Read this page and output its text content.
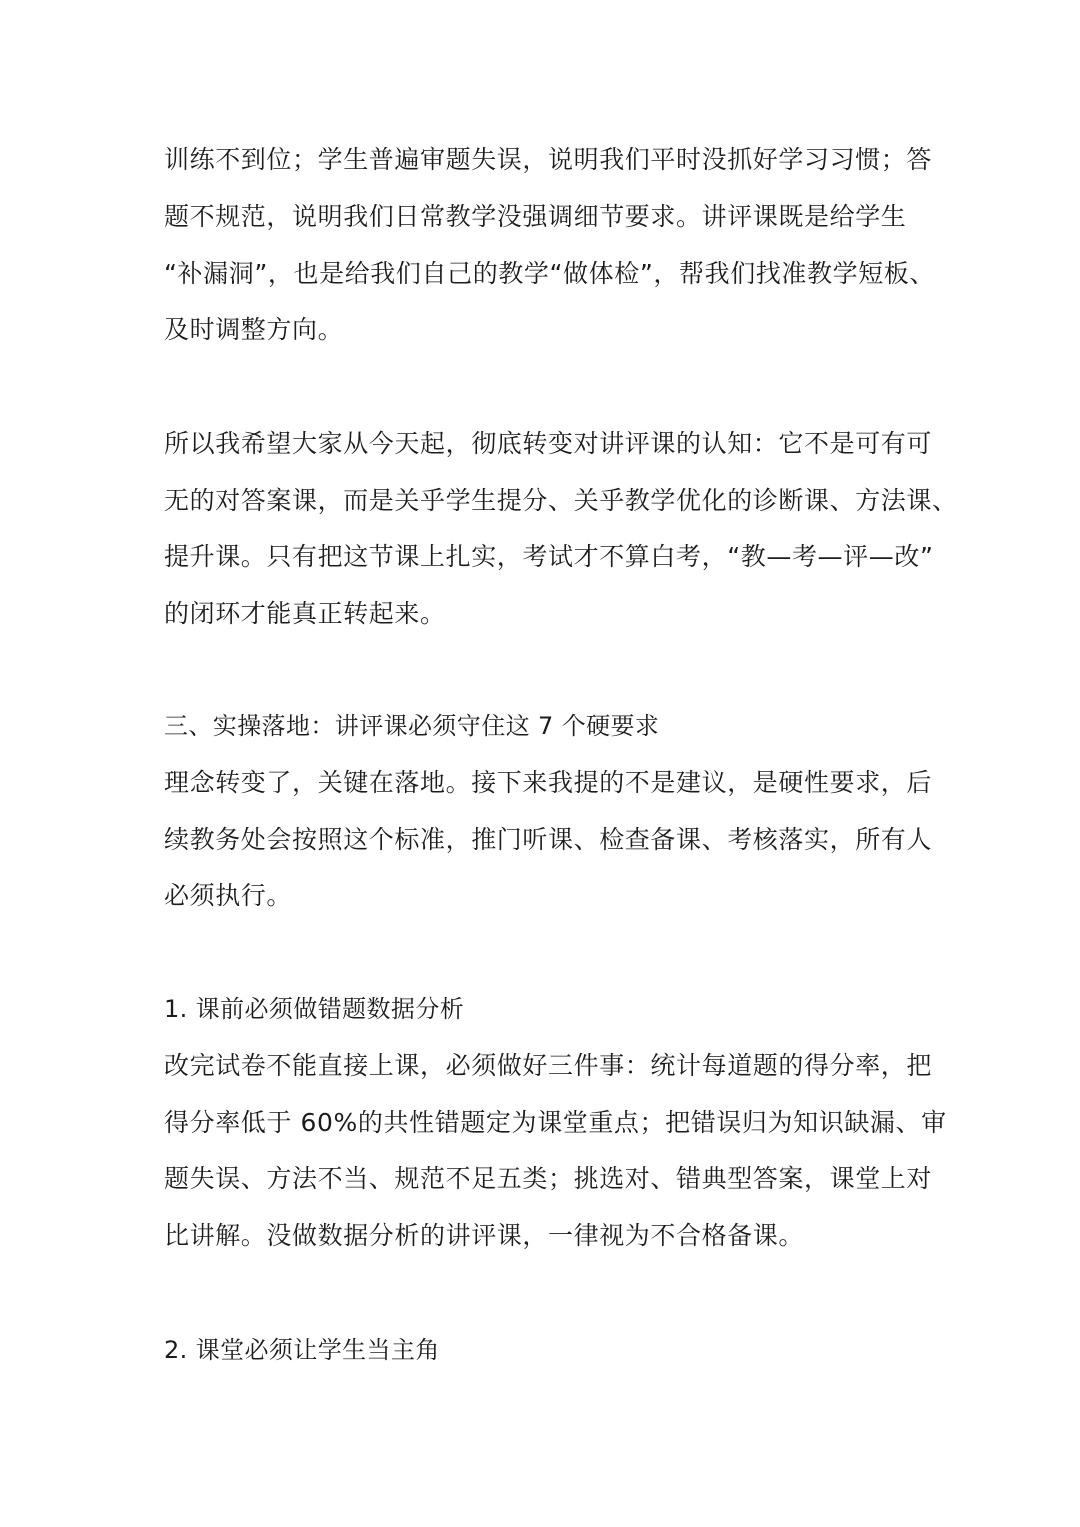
训练不到位；学生普遍审题失误，说明我们平时没抓好学习习惯；答
题不规范，说明我们日常教学没强调细节要求。讲评课既是给学生
“补漏洞”，也是给我们自己的教学“做体检”，帮我们找准教学短板、
及时调整方向。
所以我希望大家从今天起，彻底转变对讲评课的认知：它不是可有可
无的对答案课，而是关乎学生提分、关乎教学优化的诊断课、方法课、
提升课。只有把这节课上扎实，考试才不算白考，“教—考—评—改”
的闭环才能真正转起来。
三、实操落地：讲评课必须守住这 7 个硬要求
理念转变了，关键在落地。接下来我提的不是建议，是硬性要求，后
续教务处会按照这个标准，推门听课、检查备课、考核落实，所有人
必须执行。
1. 课前必须做错题数据分析
改完试卷不能直接上课，必须做好三件事：统计每道题的得分率，把
得分率低于 60%的共性错题定为课堂重点；把错误归为知识缺漏、审
题失误、方法不当、规范不足五类；挑选对、错典型答案，课堂上对
比讲解。没做数据分析的讲评课，一律视为不合格备课。
2. 课堂必须让学生当主角
